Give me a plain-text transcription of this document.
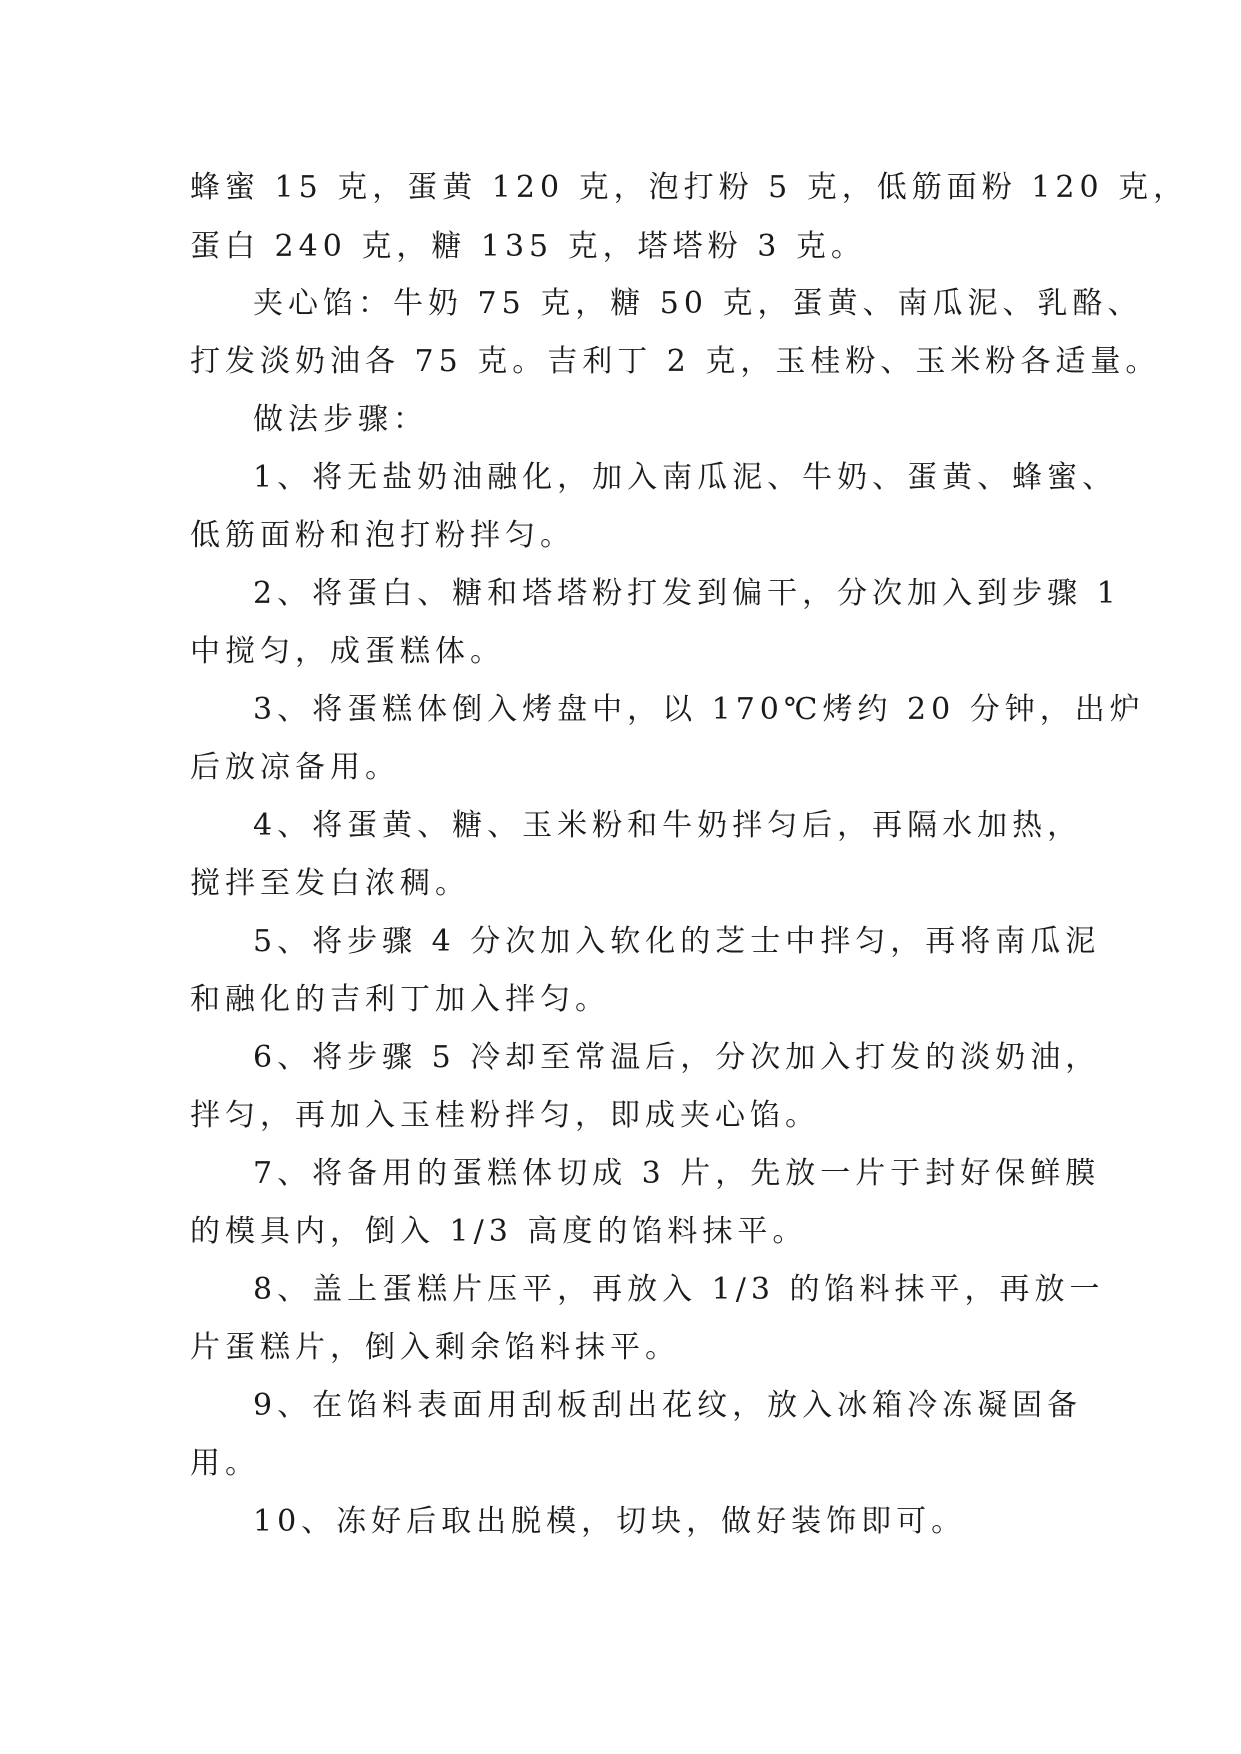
蜂蜜 15 克，蛋黄 120 克，泡打粉 5 克，低筋面粉 120 克，
蛋白 240 克，糖 135 克，塔塔粉 3 克。
夹心馅：牛奶 75 克，糖 50 克，蛋黄、南瓜泥、乳酪、
打发淡奶油各 75 克。吉利丁 2 克，玉桂粉、玉米粉各适量。
做法步骤：
1、将无盐奶油融化，加入南瓜泥、牛奶、蛋黄、蜂蜜、
低筋面粉和泡打粉拌匀。
2、将蛋白、糖和塔塔粉打发到偏干，分次加入到步骤 1
中搅匀，成蛋糕体。
3、将蛋糕体倒入烤盘中，以 170℃烤约 20 分钟，出炉
后放凉备用。
4、将蛋黄、糖、玉米粉和牛奶拌匀后，再隔水加热，
搅拌至发白浓稠。
5、将步骤 4 分次加入软化的芝士中拌匀，再将南瓜泥
和融化的吉利丁加入拌匀。
6、将步骤 5 冷却至常温后，分次加入打发的淡奶油，
拌匀，再加入玉桂粉拌匀，即成夹心馅。
7、将备用的蛋糕体切成 3 片，先放一片于封好保鲜膜
的模具内，倒入 1/3 高度的馅料抹平。
8、盖上蛋糕片压平，再放入 1/3 的馅料抹平，再放一
片蛋糕片，倒入剩余馅料抹平。
9、在馅料表面用刮板刮出花纹，放入冰箱冷冻凝固备
用。
10、冻好后取出脱模，切块，做好装饰即可。
